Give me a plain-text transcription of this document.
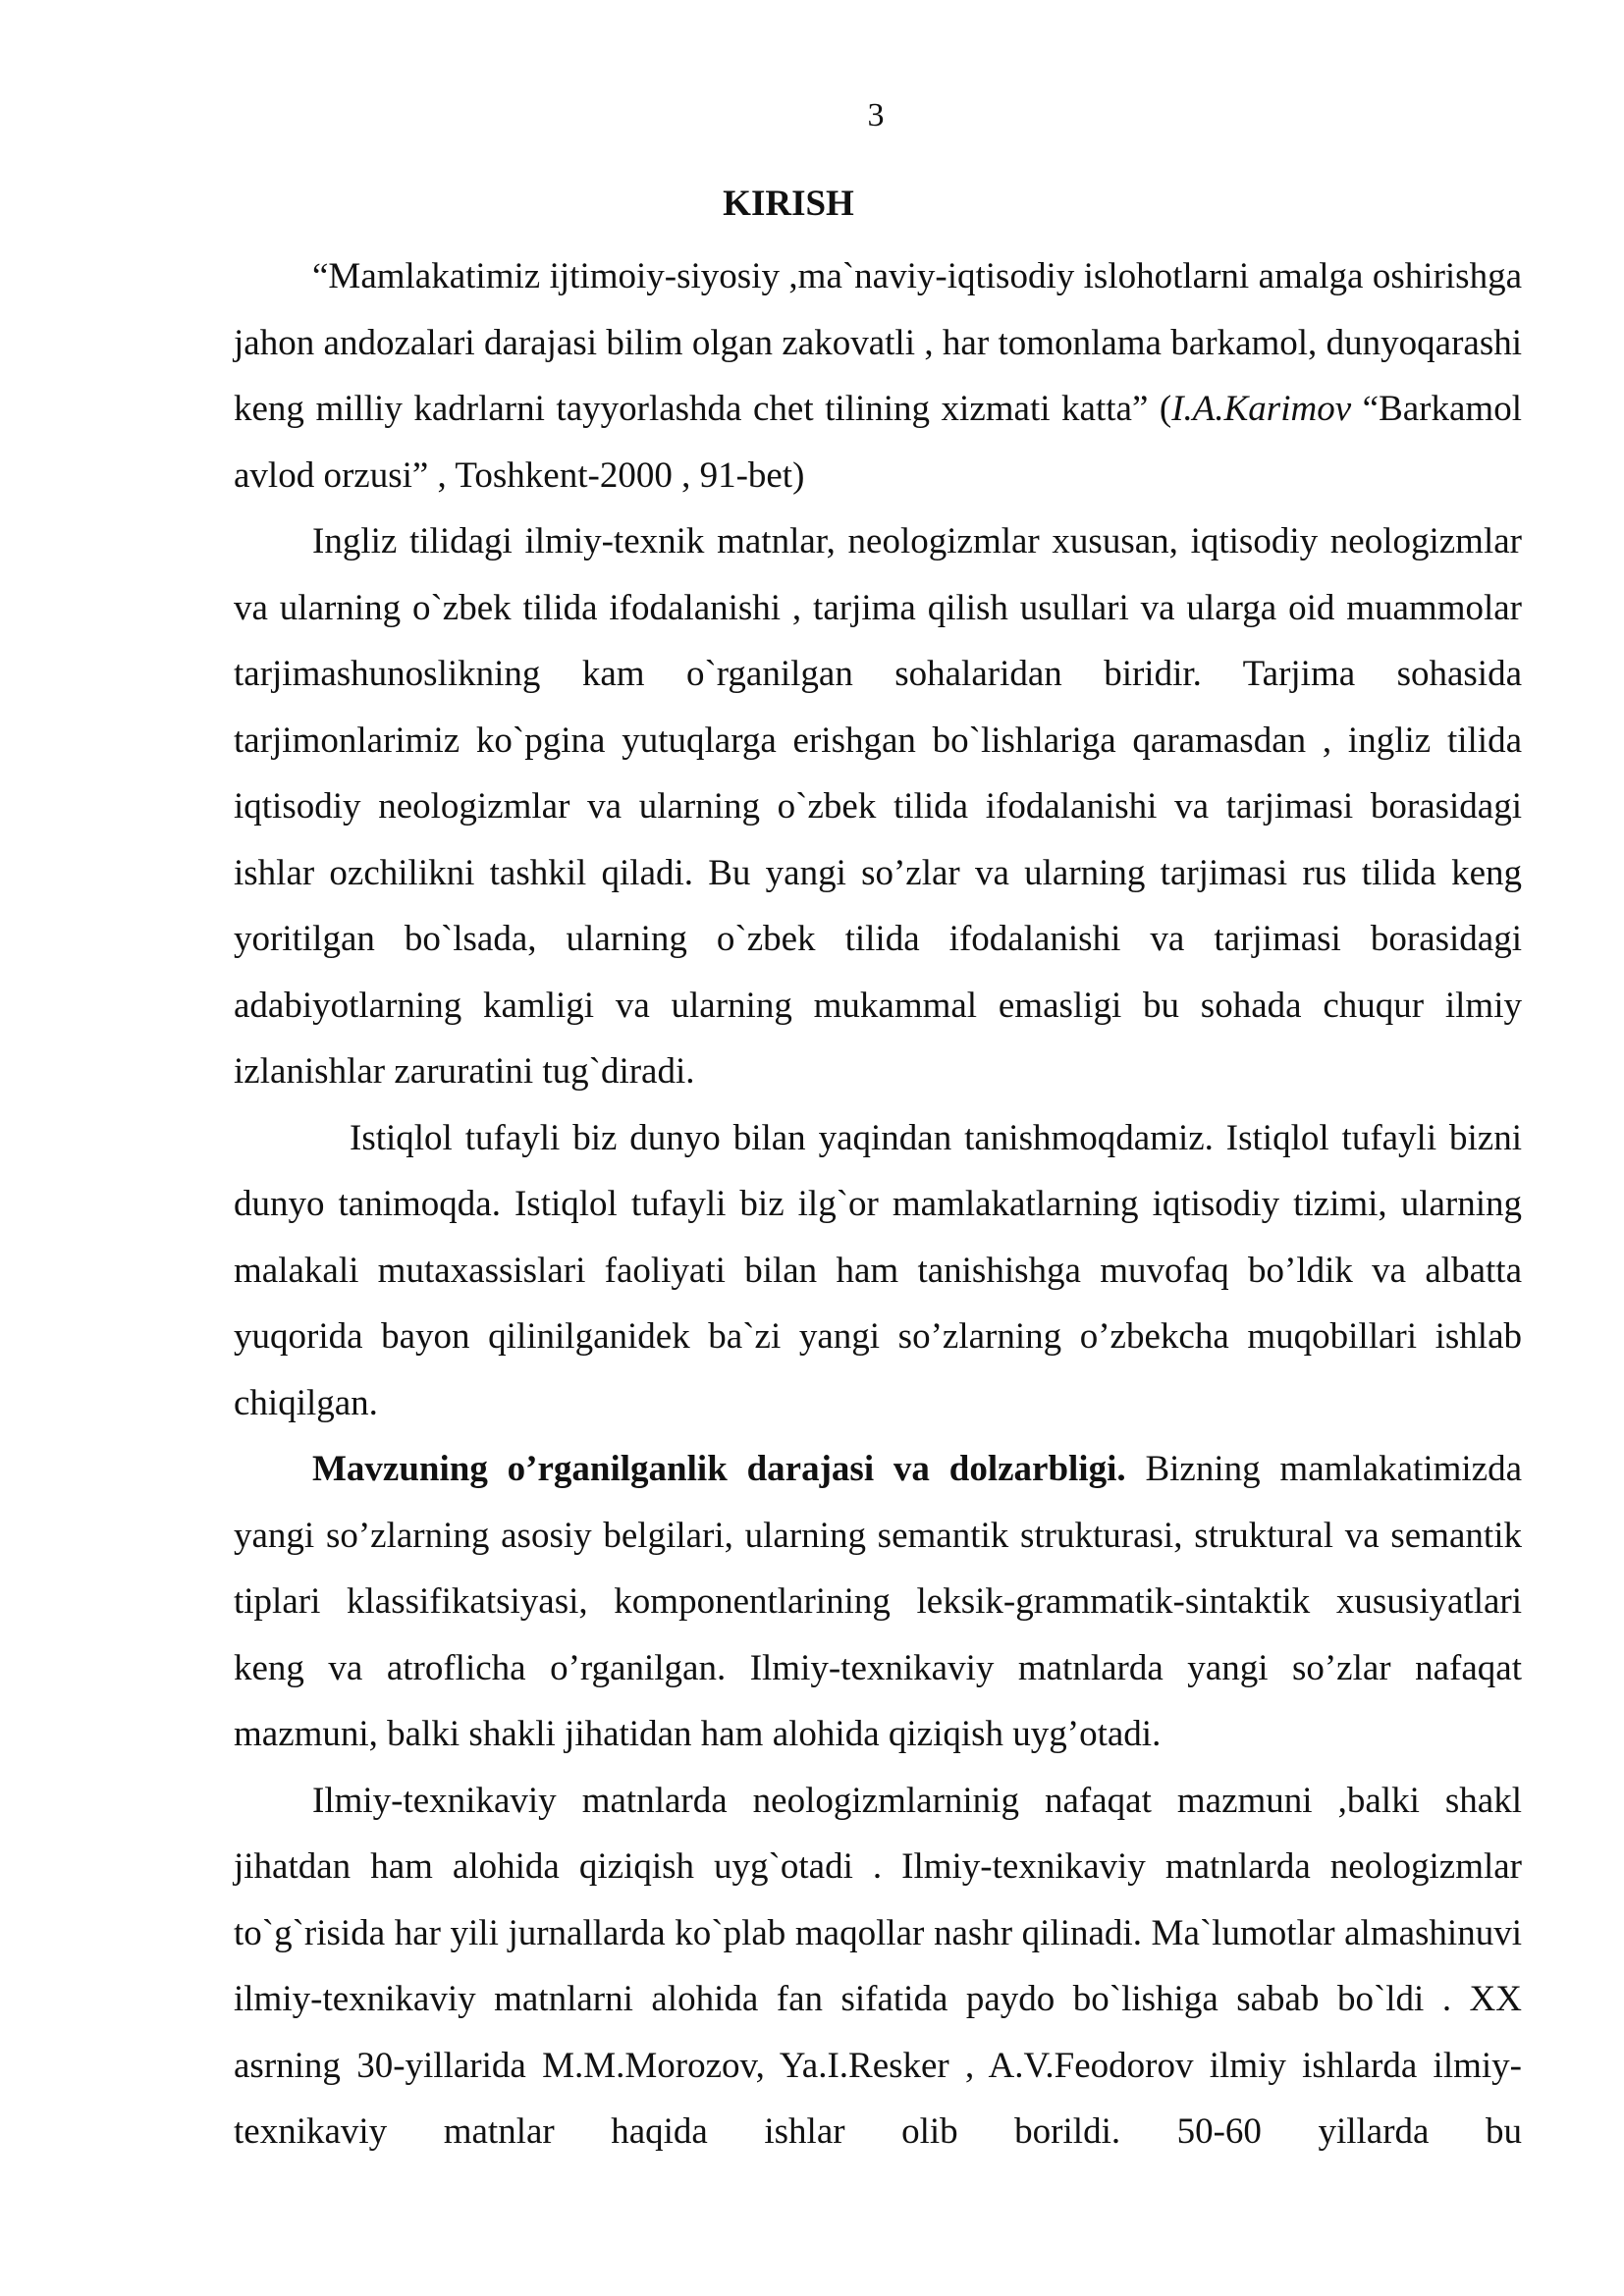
3
KIRISH

“Mamlakatimiz ijtimoiy-siyosiy ,ma`naviy-iqtisodiy islohotlarni amalga oshirishga jahon andozalari darajasi bilim olgan zakovatli , har tomonlama barkamol, dunyoqarashi keng milliy kadrlarni tayyorlashda chet tilining xizmati katta” (I.A.Karimov “Barkamol avlod orzusi” , Toshkent-2000 , 91-bet)

Ingliz tilidagi ilmiy-texnik matnlar, neologizmlar xususan, iqtisodiy neologizmlar va ularning o`zbek tilida ifodalanishi , tarjima qilish usullari va ularga oid muammolar tarjimashunoslikning kam o`rganilgan sohalaridan biridir. Tarjima sohasida tarjimonlarimiz ko`pgina yutuqlarga erishgan bo`lishlariga qaramasdan , ingliz tilida iqtisodiy neologizmlar va ularning o`zbek tilida ifodalanishi va tarjimasi borasidagi ishlar ozchilikni tashkil qiladi. Bu yangi so’zlar va ularning tarjimasi rus tilida keng yoritilgan bo`lsada, ularning o`zbek tilida ifodalanishi va tarjimasi borasidagi adabiyotlarning kamligi va ularning mukammal emasligi bu sohada chuqur ilmiy izlanishlar zaruratini tug`diradi.

Istiqlol tufayli biz dunyo bilan yaqindan tanishmoqdamiz. Istiqlol tufayli bizni dunyo tanimoqda. Istiqlol tufayli biz ilg`or mamlakatlarning iqtisodiy tizimi, ularning malakali mutaxassislari faoliyati bilan ham tanishishga muvofaq bo’ldik va albatta yuqorida bayon qilinilganidek ba`zi yangi so’zlarning o’zbekcha muqobillari ishlab chiqilgan.

Mavzuning o’rganilganlik darajasi va dolzarbligi. Bizning mamlakatimizda yangi so’zlarning asosiy belgilari, ularning semantik strukturasi, struktural va semantik tiplari klassifikatsiyasi, komponentlarining leksik-grammatik-sintaktik xususiyatlari keng va atroflicha o’rganilgan. Ilmiy-texnikaviy matnlarda yangi so’zlar nafaqat mazmuni, balki shakli jihatidan ham alohida qiziqish uyg’otadi.

Ilmiy-texnikaviy matnlarda neologizmlarninig nafaqat mazmuni ,balki shakl jihatdan ham alohida qiziqish uyg`otadi . Ilmiy-texnikaviy matnlarda neologizmlar to`g`risida har yili jurnallarda ko`plab maqollar nashr qilinadi. Ma`lumotlar almashinuvi ilmiy-texnikaviy matnlarni alohida fan sifatida paydo bo`lishiga sabab bo`ldi . XX asrning 30-yillarida M.M.Morozov, Ya.I.Resker , A.V.Feodorov ilmiy ishlarda ilmiy-texnikaviy matnlar haqida ishlar olib borildi. 50-60 yillarda bu
